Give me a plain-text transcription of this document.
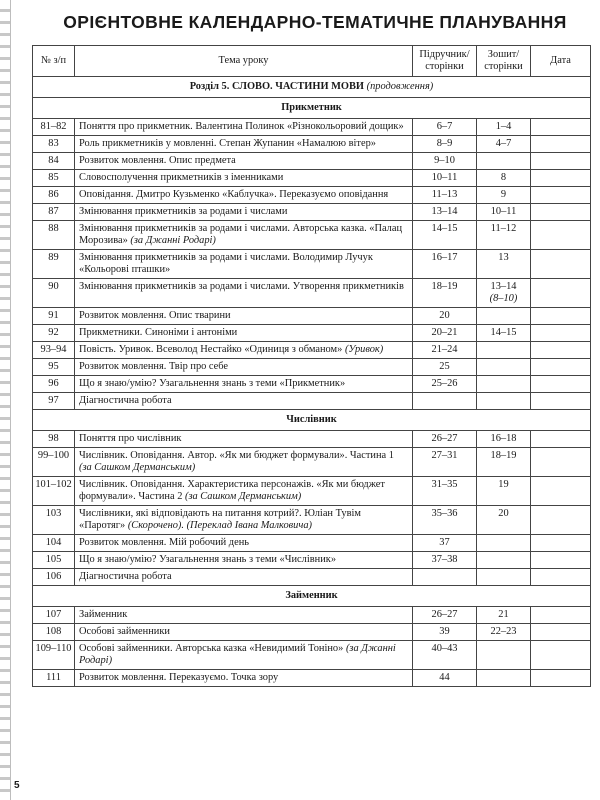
ОРІЄНТОВНЕ КАЛЕНДАРНО-ТЕМАТИЧНЕ ПЛАНУВАННЯ
№ з/п	Тема уроку	Підручник/ сторінки	Зошит/ сторінки	Дата
Розділ 5. СЛОВО. ЧАСТИНИ МОВИ (продовження)				
Прикметник				
81–82	Поняття про прикметник. Валентина Полинок «Різнокольоровий дощик»	6–7	1–4	
83	Роль прикметників у мовленні. Степан Жупанин «Намалюю вітер»	8–9	4–7	
84	Розвиток мовлення. Опис предмета	9–10		
85	Словосполучення прикметників з іменниками	10–11	8	
86	Оповідання. Дмитро Кузьменко «Каблучка». Переказуємо оповідання	11–13	9	
87	Змінювання прикметників за родами і числами	13–14	10–11	
88	Змінювання прикметників за родами і числами. Авторська казка. «Палац Морозива» (за Джанні Родарі)	14–15	11–12	
89	Змінювання прикметників за родами і числами. Володимир Лучук «Кольорові пташки»	16–17	13	
90	Змінювання прикметників за родами і числами. Утворення прикметників	18–19	13–14
(8–10)	
91	Розвиток мовлення. Опис тварини	20		
92	Прикметники. Синоніми і антоніми	20–21	14–15	
93–94	Повість. Уривок. Всеволод Нестайко «Одиниця з обманом» (Уривок)	21–24		
95	Розвиток мовлення. Твір про себе	25		
96	Що я знаю/умію? Узагальнення знань з теми «Прикметник»	25–26		
97	Діагностична робота			
Числівник				
98	Поняття про числівник	26–27	16–18	
99–100	Числівник. Оповідання. Автор. «Як ми бюджет формували». Частина 1 (за Сашком Дерманським)	27–31	18–19	
101–102	Числівник. Оповідання. Характеристика персонажів. «Як ми бюджет формували». Частина 2 (за Сашком Дерманським)	31–35	19	
103	Числівники, які відповідають на питання котрий?. Юліан Тувім «Паротяг» (Скорочено). (Переклад Івана Малковича)	35–36	20	
104	Розвиток мовлення. Мій робочий день	37		
105	Що я знаю/умію? Узагальнення знань з теми «Числівник»	37–38		
106	Діагностична робота			
Займенник				
107	Займенник	26–27	21	
108	Особові займенники	39	22–23	
109–110	Особові займенники. Авторська казка «Невидимий Тоніно» (за Джанні Родарі)	40–43		
111	Розвиток мовлення. Переказуємо. Точка зору	44		
5
